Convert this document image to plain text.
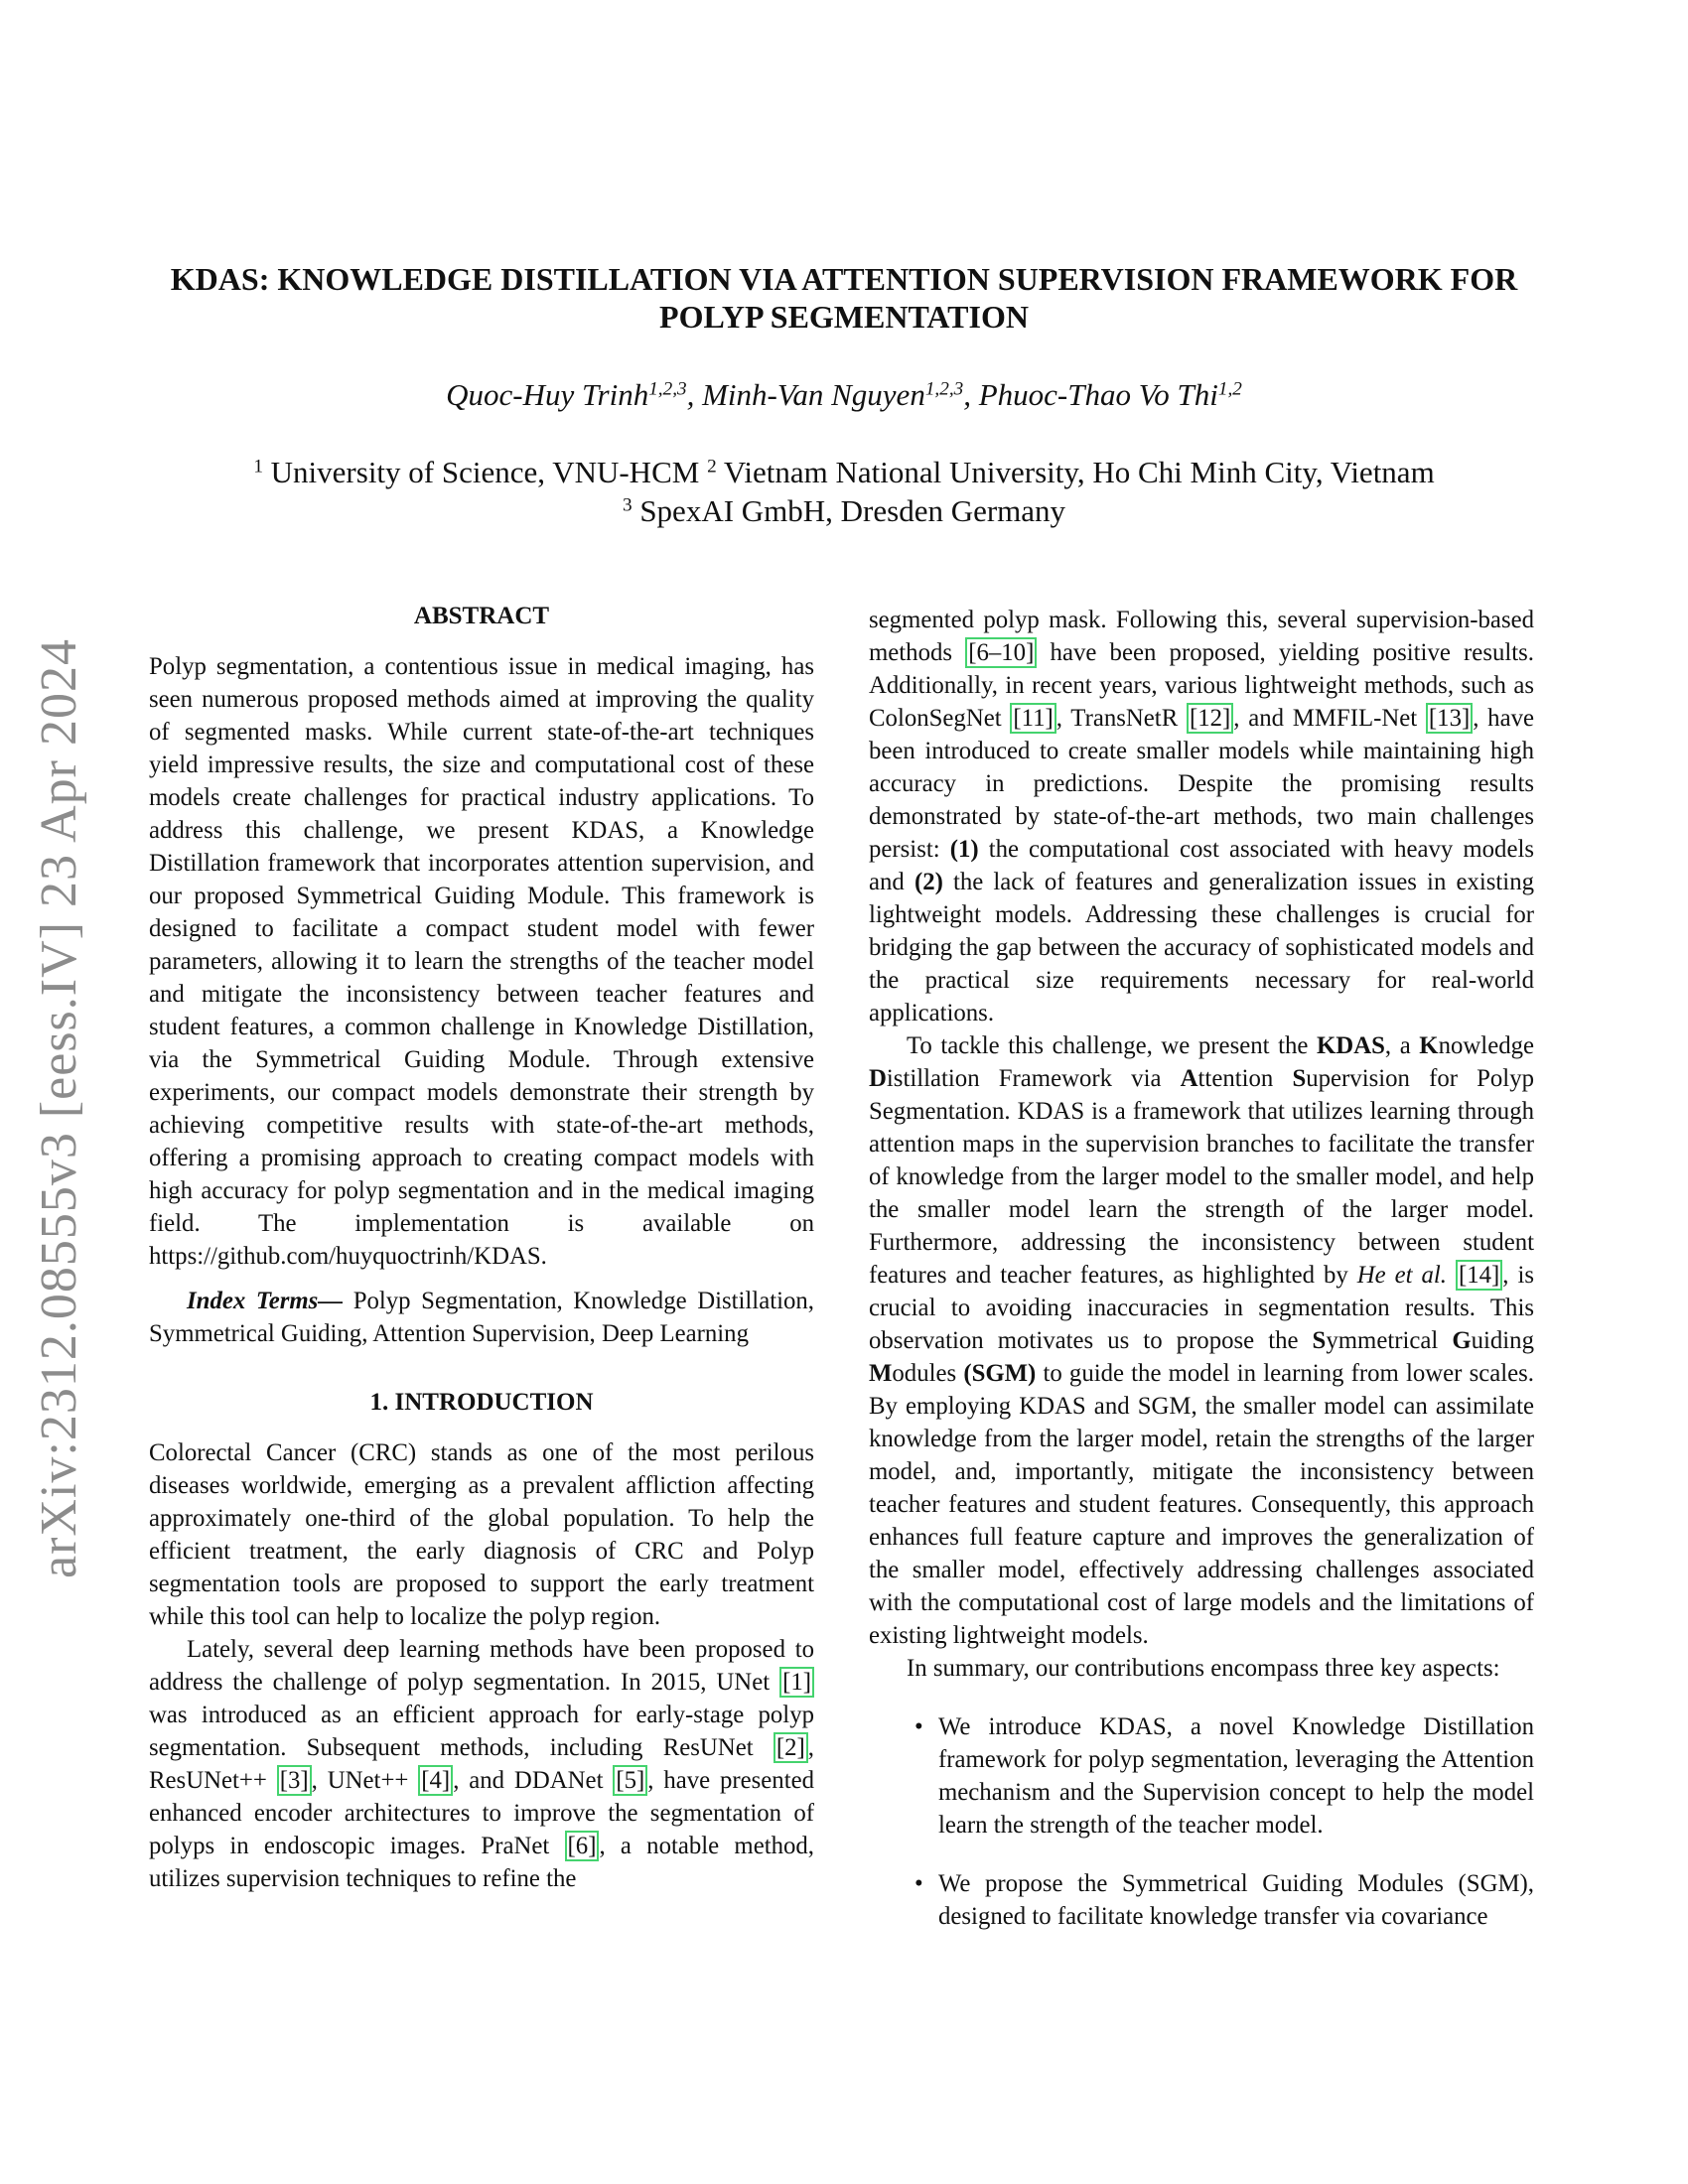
arXiv:2312.08555v3 [eess.IV] 23 Apr 2024
KDAS: KNOWLEDGE DISTILLATION VIA ATTENTION SUPERVISION FRAMEWORK FOR POLYP SEGMENTATION
Quoc-Huy Trinh$^{1,2,3}$, Minh-Van Nguyen$^{1,2,3}$, Phuoc-Thao Vo Thi$^{1,2}$
$^1$ University of Science, VNU-HCM $^2$ Vietnam National University, Ho Chi Minh City, Vietnam
$^3$ SpexAI GmbH, Dresden Germany
ABSTRACT

Polyp segmentation, a contentious issue in medical imaging, has seen numerous proposed methods aimed at improving the quality of segmented masks. While current state-of-the-art techniques yield impressive results, the size and computational cost of these models create challenges for practical industry applications. To address this challenge, we present KDAS, a Knowledge Distillation framework that incorporates attention supervision, and our proposed Symmetrical Guiding Module. This framework is designed to facilitate a compact student model with fewer parameters, allowing it to learn the strengths of the teacher model and mitigate the inconsistency between teacher features and student features, a common challenge in Knowledge Distillation, via the Symmetrical Guiding Module. Through extensive experiments, our compact models demonstrate their strength by achieving competitive results with state-of-the-art methods, offering a promising approach to creating compact models with high accuracy for polyp segmentation and in the medical imaging field. The implementation is available on https://github.com/huyquoctrinh/KDAS.

Index Terms— Polyp Segmentation, Knowledge Distillation, Symmetrical Guiding, Attention Supervision, Deep Learning

1. INTRODUCTION

Colorectal Cancer (CRC) stands as one of the most perilous diseases worldwide, emerging as a prevalent affliction affecting approximately one-third of the global population. To help the efficient treatment, the early diagnosis of CRC and Polyp segmentation tools are proposed to support the early treatment while this tool can help to localize the polyp region.

Lately, several deep learning methods have been proposed to address the challenge of polyp segmentation. In 2015, UNet [1] was introduced as an efficient approach for early-stage polyp segmentation. Subsequent methods, including ResUNet [2] , ResUNet++ [3] , UNet++ [4] , and DDANet [5] , have presented enhanced encoder architectures to improve the segmentation of polyps in endoscopic images. PraNet [6] , a notable method, utilizes supervision techniques to refine the

segmented polyp mask. Following this, several supervision-based methods [6–10] have been proposed, yielding positive results. Additionally, in recent years, various lightweight methods, such as ColonSegNet [11] , TransNetR [12] , and MMFIL-Net [13] , have been introduced to create smaller models while maintaining high accuracy in predictions. Despite the promising results demonstrated by state-of-the-art methods, two main challenges persist: (1) the computational cost associated with heavy models and (2) the lack of features and generalization issues in existing lightweight models. Addressing these challenges is crucial for bridging the gap between the accuracy of sophisticated models and the practical size requirements necessary for real-world applications.

To tackle this challenge, we present the KDAS, a Knowledge Distillation Framework via Attention Supervision for Polyp Segmentation. KDAS is a framework that utilizes learning through attention maps in the supervision branches to facilitate the transfer of knowledge from the larger model to the smaller model, and help the smaller model learn the strength of the larger model. Furthermore, addressing the inconsistency between student features and teacher features, as highlighted by He et al. [14] , is crucial to avoiding inaccuracies in segmentation results. This observation motivates us to propose the Symmetrical Guiding Modules (SGM) to guide the model in learning from lower scales. By employing KDAS and SGM, the smaller model can assimilate knowledge from the larger model, retain the strengths of the larger model, and, importantly, mitigate the inconsistency between teacher features and student features. Consequently, this approach enhances full feature capture and improves the generalization of the smaller model, effectively addressing challenges associated with the computational cost of large models and the limitations of existing lightweight models.

In summary, our contributions encompass three key aspects:

• We introduce KDAS, a novel Knowledge Distillation framework for polyp segmentation, leveraging the Attention mechanism and the Supervision concept to help the model learn the strength of the teacher model.
• We propose the Symmetrical Guiding Modules (SGM), designed to facilitate knowledge transfer via covariance
